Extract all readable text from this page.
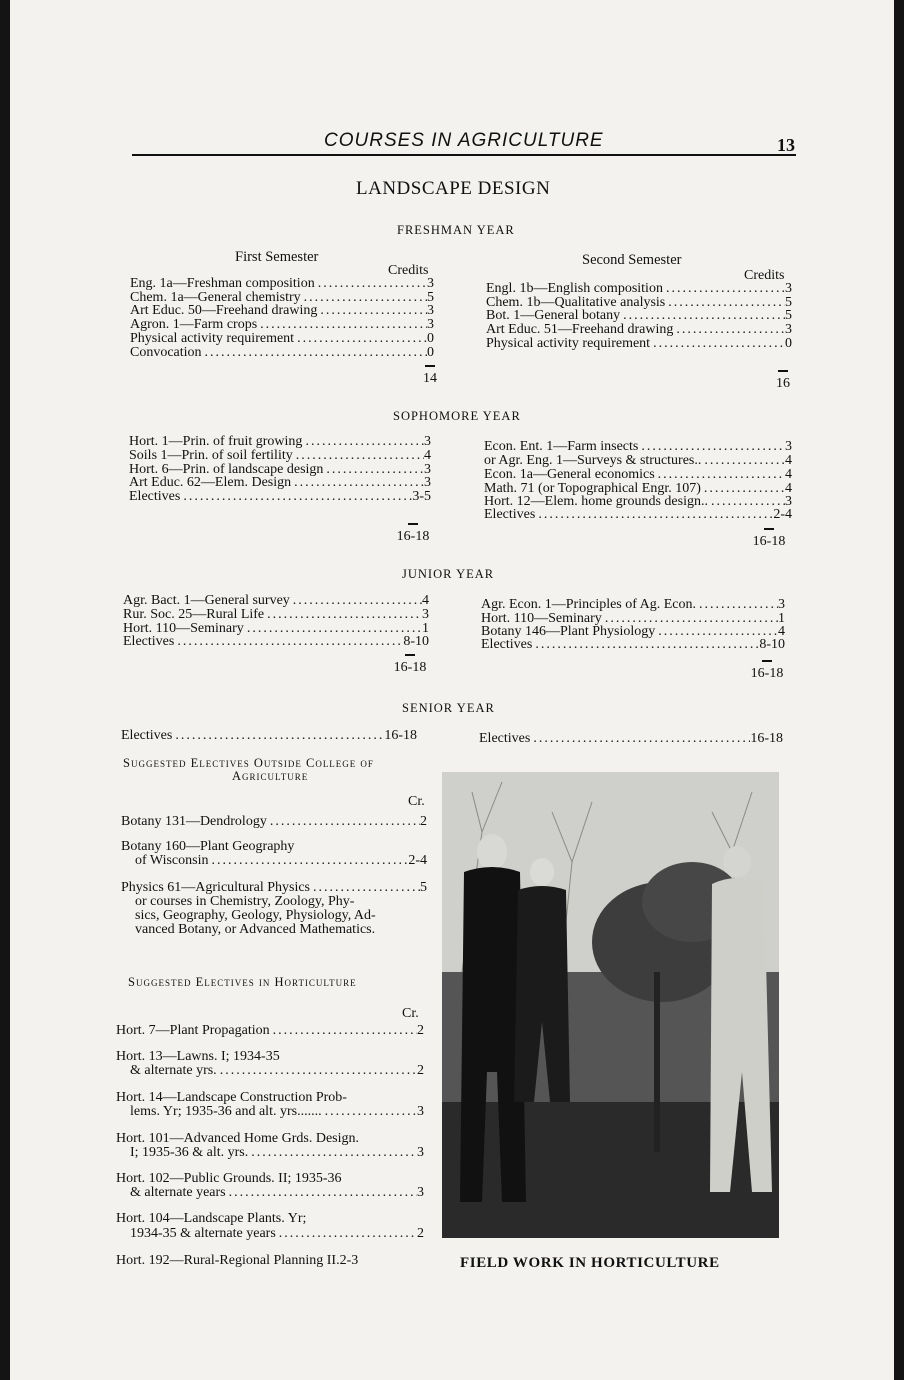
COURSES IN AGRICULTURE	13
LANDSCAPE DESIGN
FRESHMAN YEAR
First Semester
Credits
Second Semester
Credits
Eng. 1a—Freshman composition .....	3
Chem. 1a—General chemistry .....	5
Art Educ. 50—Freehand drawing .....	3
Agron. 1—Farm crops .....	3
Physical activity requirement .....	0
Convocation .....	0
14
Engl. 1b—English composition .....	3
Chem. 1b—Qualitative analysis .....	5
Bot. 1—General botany .....	5
Art Educ. 51—Freehand drawing .....	3
Physical activity requirement .....	0
16
SOPHOMORE YEAR
Hort. 1—Prin. of fruit growing .....	3
Soils 1—Prin. of soil fertility .....	4
Hort. 6—Prin. of landscape design .....	3
Art Educ. 62—Elem. Design .....	3
Electives .....	3-5
16-18
Econ. Ent. 1—Farm insects .....	3
or Agr. Eng. 1—Surveys & structures.. .....	4
Econ. 1a—General economics .....	4
Math. 71 (or Topographical Engr. 107) .....	4
Hort. 12—Elem. home grounds design.. .....	3
Electives .....	2-4
16-18
JUNIOR YEAR
Agr. Bact. 1—General survey .....	4
Rur. Soc. 25—Rural Life .....	3
Hort. 110—Seminary .....	1
Electives .....	8-10
16-18
Agr. Econ. 1—Principles of Ag. Econ. .....	3
Hort. 110—Seminary .....	1
Botany 146—Plant Physiology .....	4
Electives .....	8-10
16-18
SENIOR YEAR
Electives .....	16-18	Electives .....	16-18
Suggested Electives Outside College of
Agriculture
Cr.
Botany 131—Dendrology .....	2
Botany 160—Plant Geography
of Wisconsin .....	2-4
Physics 61—Agricultural Physics .....	5
or courses in Chemistry, Zoology, Phy-
sics, Geography, Geology, Physiology, Ad-
vanced Botany, or Advanced Mathematics.
Suggested Electives in Horticulture
Cr.
Hort. 7—Plant Propagation .....	2
Hort. 13—Lawns. I; 1934-35
& alternate yrs. .....	2
Hort. 14—Landscape Construction Prob-
lems. Yr; 1935-36 and alt. yrs....... .....	3
Hort. 101—Advanced Home Grds. Design.
I; 1935-36 & alt. yrs. .....	3
Hort. 102—Public Grounds. II; 1935-36
& alternate years .....	3
Hort. 104—Landscape Plants. Yr;
1934-35 & alternate years .....	2
Hort. 192—Rural-Regional Planning II.2-3	FIELD WORK IN HORTICULTURE
